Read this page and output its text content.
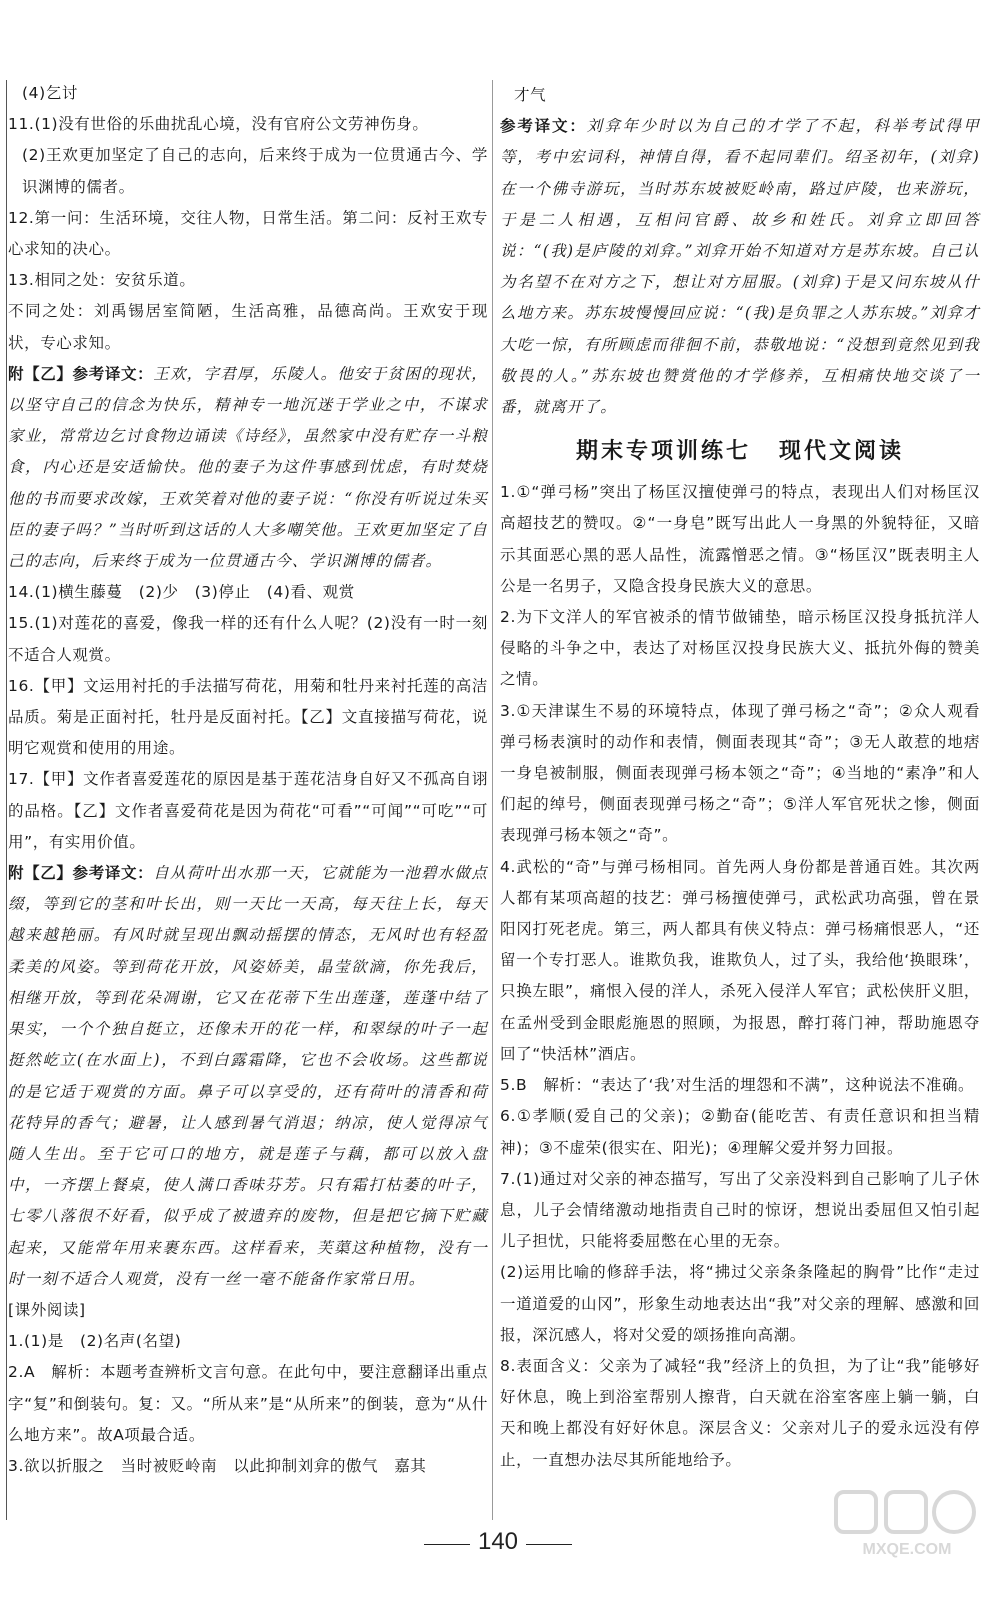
(4)乞讨

11.(1)没有世俗的乐曲扰乱心境，没有官府公文劳神伤身。

(2)王欢更加坚定了自己的志向，后来终于成为一位贯通古今、学识渊博的儒者。

12.第一问：生活环境，交往人物，日常生活。第二问：反衬王欢专心求知的决心。

13.相同之处：安贫乐道。

不同之处：刘禹锡居室简陋，生活高雅，品德高尚。王欢安于现状，专心求知。

附【乙】参考译文：王欢，字君厚，乐陵人。他安于贫困的现状，以坚守自己的信念为快乐，精神专一地沉迷于学业之中，不谋求家业，常常边乞讨食物边诵读《诗经》，虽然家中没有贮存一斗粮食，内心还是安适愉快。他的妻子为这件事感到忧虑，有时焚烧他的书而要求改嫁，王欢笑着对他的妻子说：“你没有听说过朱买臣的妻子吗？”当时听到这话的人大多嘲笑他。王欢更加坚定了自己的志向，后来终于成为一位贯通古今、学识渊博的儒者。

14.(1)横生藤蔓　(2)少　(3)停止　(4)看、观赏

15.(1)对莲花的喜爱，像我一样的还有什么人呢？(2)没有一时一刻不适合人观赏。

16.【甲】文运用衬托的手法描写荷花，用菊和牡丹来衬托莲的高洁品质。菊是正面衬托，牡丹是反面衬托。【乙】文直接描写荷花，说明它观赏和使用的用途。

17.【甲】文作者喜爱莲花的原因是基于莲花洁身自好又不孤高自诩的品格。【乙】文作者喜爱荷花是因为荷花“可看”“可闻”“可吃”“可用”，有实用价值。

附【乙】参考译文：自从荷叶出水那一天，它就能为一池碧水做点缀，等到它的茎和叶长出，则一天比一天高，每天往上长，每天越来越艳丽。有风时就呈现出飘动摇摆的情态，无风时也有轻盈柔美的风姿。等到荷花开放，风姿娇美，晶莹欲滴，你先我后，相继开放，等到花朵凋谢，它又在花蒂下生出莲蓬，莲蓬中结了果实，一个个独自挺立，还像未开的花一样，和翠绿的叶子一起挺然屹立(在水面上)，不到白露霜降，它也不会收场。这些都说的是它适于观赏的方面。鼻子可以享受的，还有荷叶的清香和荷花特异的香气；避暑，让人感到暑气消退；纳凉，使人觉得凉气随人生出。至于它可口的地方，就是莲子与藕，都可以放入盘中，一齐摆上餐桌，使人满口香味芬芳。只有霜打枯萎的叶子，七零八落很不好看，似乎成了被遗弃的废物，但是把它摘下贮藏起来，又能常年用来裹东西。这样看来，芙蕖这种植物，没有一时一刻不适合人观赏，没有一丝一毫不能备作家常日用。

[课外阅读]

1.(1)是　(2)名声(名望)

2.A　解析：本题考查辨析文言句意。在此句中，要注意翻译出重点字“复”和倒装句。复：又。“所从来”是“从所来”的倒装，意为“从什么地方来”。故A项最合适。

3.欲以折服之　当时被贬岭南　以此抑制刘弇的傲气　嘉其

才气

参考译文：刘弇年少时以为自己的才学了不起，科举考试得甲等，考中宏词科，神情自得，看不起同辈们。绍圣初年，(刘弇)在一个佛寺游玩，当时苏东坡被贬岭南，路过庐陵，也来游玩，于是二人相遇，互相问官爵、故乡和姓氏。刘弇立即回答说：“(我)是庐陵的刘弇。”刘弇开始不知道对方是苏东坡。自己认为名望不在对方之下，想让对方屈服。(刘弇)于是又问东坡从什么地方来。苏东坡慢慢回应说：“(我)是负罪之人苏东坡。”刘弇才大吃一惊，有所顾虑而徘徊不前，恭敬地说：“没想到竟然见到我敬畏的人。”苏东坡也赞赏他的才学修养，互相痛快地交谈了一番，就离开了。

期末专项训练七 现代文阅读

1.①“弹弓杨”突出了杨匡汉擅使弹弓的特点，表现出人们对杨匡汉高超技艺的赞叹。②“一身皂”既写出此人一身黑的外貌特征，又暗示其面恶心黑的恶人品性，流露憎恶之情。③“杨匡汉”既表明主人公是一名男子，又隐含投身民族大义的意思。

2.为下文洋人的军官被杀的情节做铺垫，暗示杨匡汉投身抵抗洋人侵略的斗争之中，表达了对杨匡汉投身民族大义、抵抗外侮的赞美之情。

3.①天津谋生不易的环境特点，体现了弹弓杨之“奇”；②众人观看弹弓杨表演时的动作和表情，侧面表现其“奇”；③无人敢惹的地痞一身皂被制服，侧面表现弹弓杨本领之“奇”；④当地的“素净”和人们起的绰号，侧面表现弹弓杨之“奇”；⑤洋人军官死状之惨，侧面表现弹弓杨本领之“奇”。

4.武松的“奇”与弹弓杨相同。首先两人身份都是普通百姓。其次两人都有某项高超的技艺：弹弓杨擅使弹弓，武松武功高强，曾在景阳冈打死老虎。第三，两人都具有侠义特点：弹弓杨痛恨恶人，“还留一个专打恶人。谁欺负我，谁欺负人，过了头，我给他‘换眼珠’，只换左眼”，痛恨入侵的洋人，杀死入侵洋人军官；武松侠肝义胆，在孟州受到金眼彪施恩的照顾，为报恩，醉打蒋门神，帮助施恩夺回了“快活林”酒店。

5.B　解析：“表达了‘我’对生活的埋怨和不满”，这种说法不准确。

6.①孝顺(爱自己的父亲)；②勤奋(能吃苦、有责任意识和担当精神)；③不虚荣(很实在、阳光)；④理解父爱并努力回报。

7.(1)通过对父亲的神态描写，写出了父亲没料到自己影响了儿子休息，儿子会情绪激动地指责自己时的惊讶，想说出委屈但又怕引起儿子担忧，只能将委屈憋在心里的无奈。

(2)运用比喻的修辞手法，将“拂过父亲条条隆起的胸骨”比作“走过一道道爱的山冈”，形象生动地表达出“我”对父亲的理解、感激和回报，深沉感人，将对父爱的颂扬推向高潮。

8.表面含义：父亲为了减轻“我”经济上的负担，为了让“我”能够好好休息，晚上到浴室帮别人擦背，白天就在浴室客座上躺一躺，白天和晚上都没有好好休息。深层含义：父亲对儿子的爱永远没有停止，一直想办法尽其所能地给予。

140	MXQE.COM
